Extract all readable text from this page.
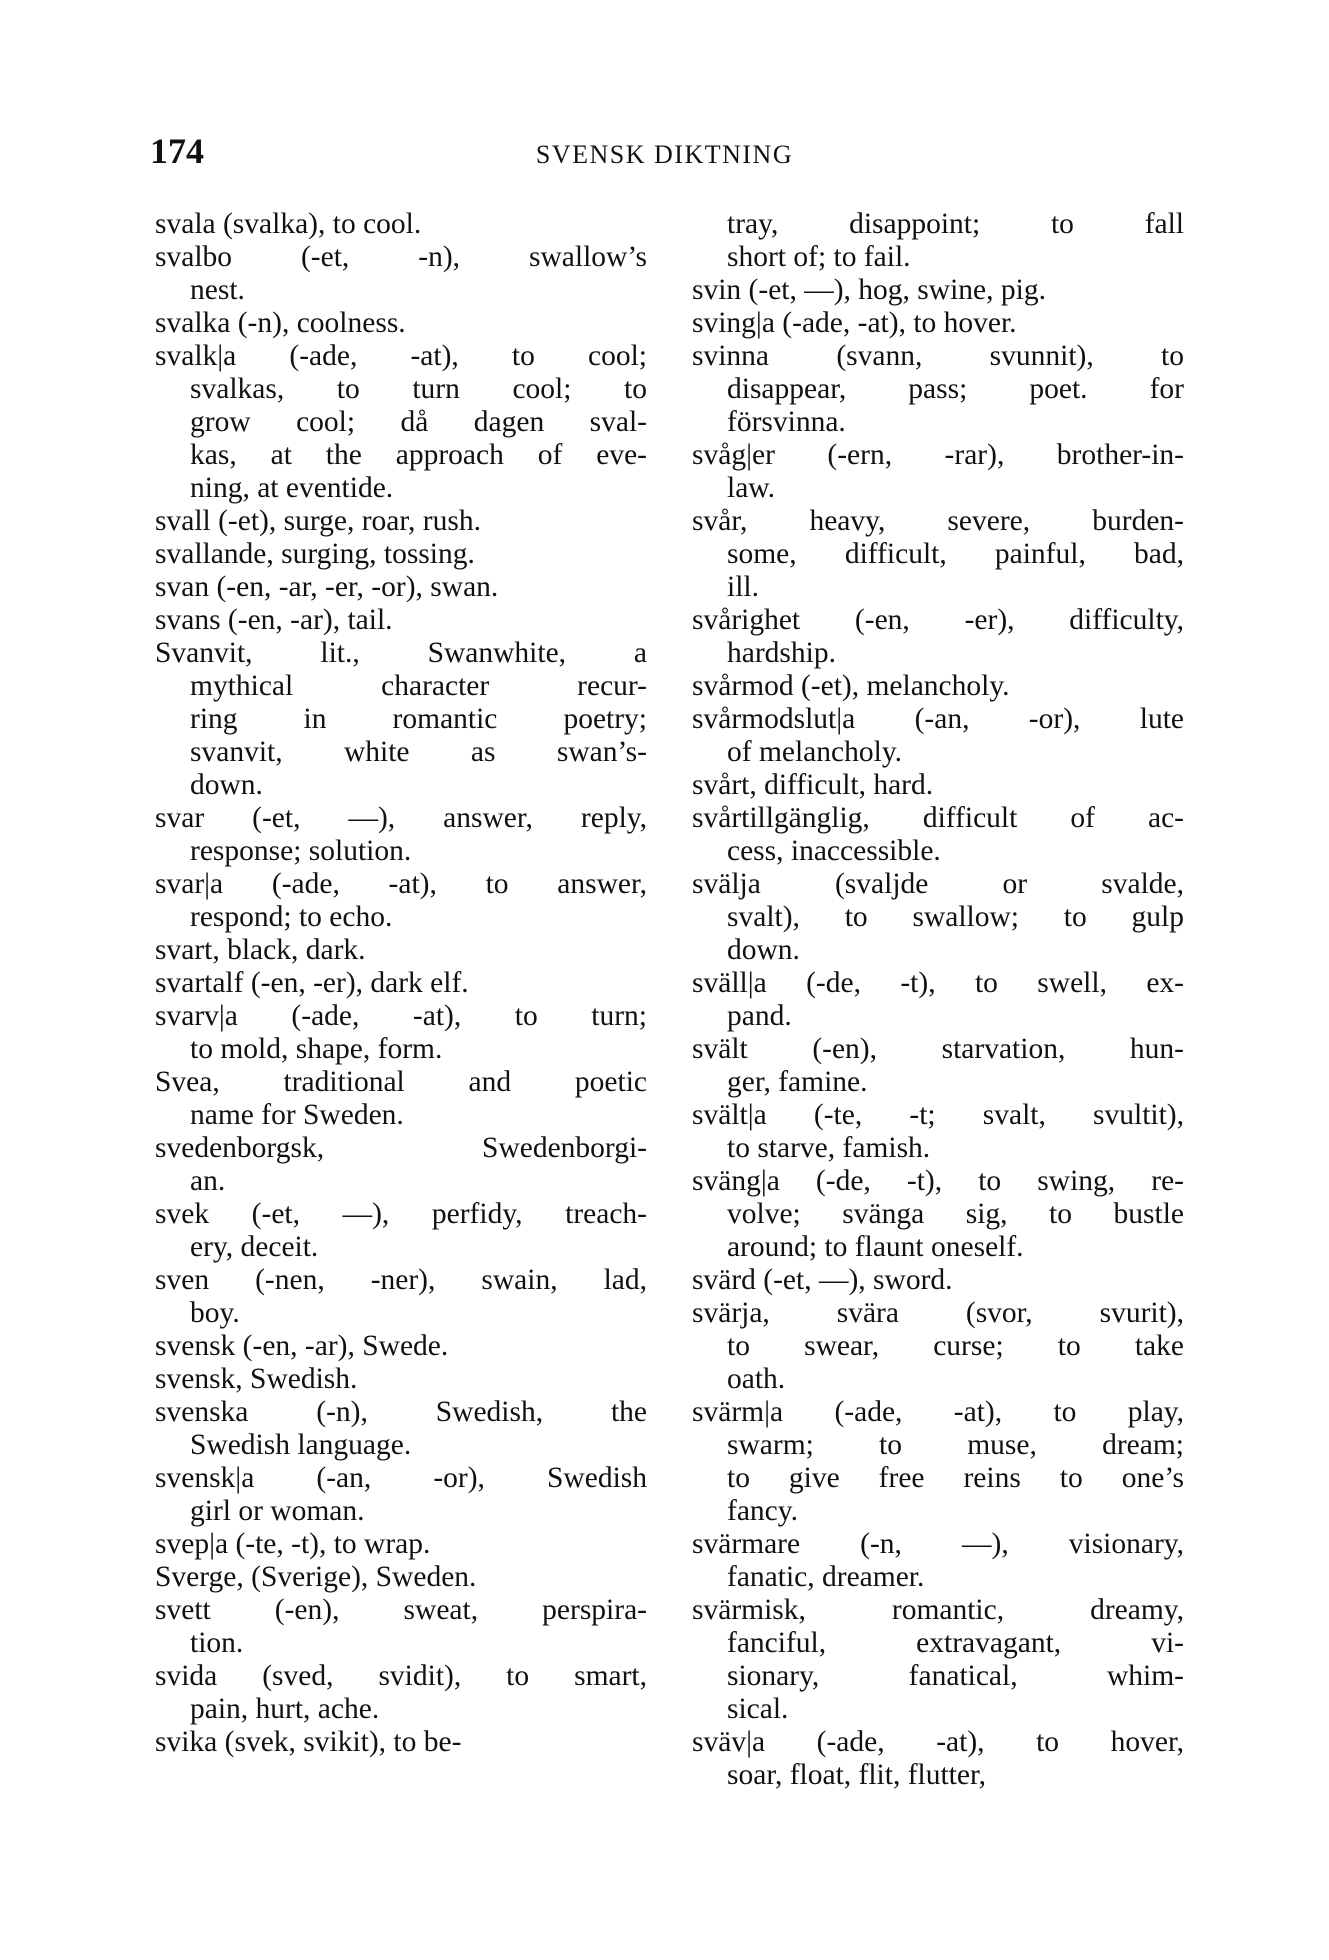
174	SVENSK DIKTNING
svala (svalka), to cool.
svalbo (-et, -n), swallow’s
nest.
svalka (-n), coolness.
svalk|a (-ade, -at), to cool;
svalkas, to turn cool; to
grow cool; då dagen sval-
kas, at the approach of eve-
ning, at eventide.
svall (-et), surge, roar, rush.
svallande, surging, tossing.
svan (-en, -ar, -er, -or), swan.
svans (-en, -ar), tail.
Svanvit, lit., Swanwhite, a
mythical character recur-
ring in romantic poetry;
svanvit, white as swan’s-
down.
svar (-et, —), answer, reply,
response; solution.
svar|a (-ade, -at), to answer,
respond; to echo.
svart, black, dark.
svartalf (-en, -er), dark elf.
svarv|a (-ade, -at), to turn;
to mold, shape, form.
Svea, traditional and poetic
name for Sweden.
svedenborgsk, Swedenborgi-
an.
svek (-et, —), perfidy, treach-
ery, deceit.
sven (-nen, -ner), swain, lad,
boy.
svensk (-en, -ar), Swede.
svensk, Swedish.
svenska (-n), Swedish, the
Swedish language.
svensk|a (-an, -or), Swedish
girl or woman.
svep|a (-te, -t), to wrap.
Sverge, (Sverige), Sweden.
svett (-en), sweat, perspira-
tion.
svida (sved, svidit), to smart,
pain, hurt, ache.
svika (svek, svikit), to be-
tray, disappoint; to fall
short of; to fail.
svin (-et, —), hog, swine, pig.
sving|a (-ade, -at), to hover.
svinna (svann, svunnit), to
disappear, pass; poet. for
försvinna.
svåg|er (-ern, -rar), brother-in-
law.
svår, heavy, severe, burden-
some, difficult, painful, bad,
ill.
svårighet (-en, -er), difficulty,
hardship.
svårmod (-et), melancholy.
svårmodslut|a (-an, -or), lute
of melancholy.
svårt, difficult, hard.
svårtillgänglig, difficult of ac-
cess, inaccessible.
svälja (svaljde or svalde,
svalt), to swallow; to gulp
down.
sväll|a (-de, -t), to swell, ex-
pand.
svält (-en), starvation, hun-
ger, famine.
svält|a (-te, -t; svalt, svultit),
to starve, famish.
sväng|a (-de, -t), to swing, re-
volve; svänga sig, to bustle
around; to flaunt oneself.
svärd (-et, —), sword.
svärja, svära (svor, svurit),
to swear, curse; to take
oath.
svärm|a (-ade, -at), to play,
swarm; to muse, dream;
to give free reins to one’s
fancy.
svärmare (-n, —), visionary,
fanatic, dreamer.
svärmisk, romantic, dreamy,
fanciful, extravagant, vi-
sionary, fanatical, whim-
sical.
sväv|a (-ade, -at), to hover,
soar, float, flit, flutter,
